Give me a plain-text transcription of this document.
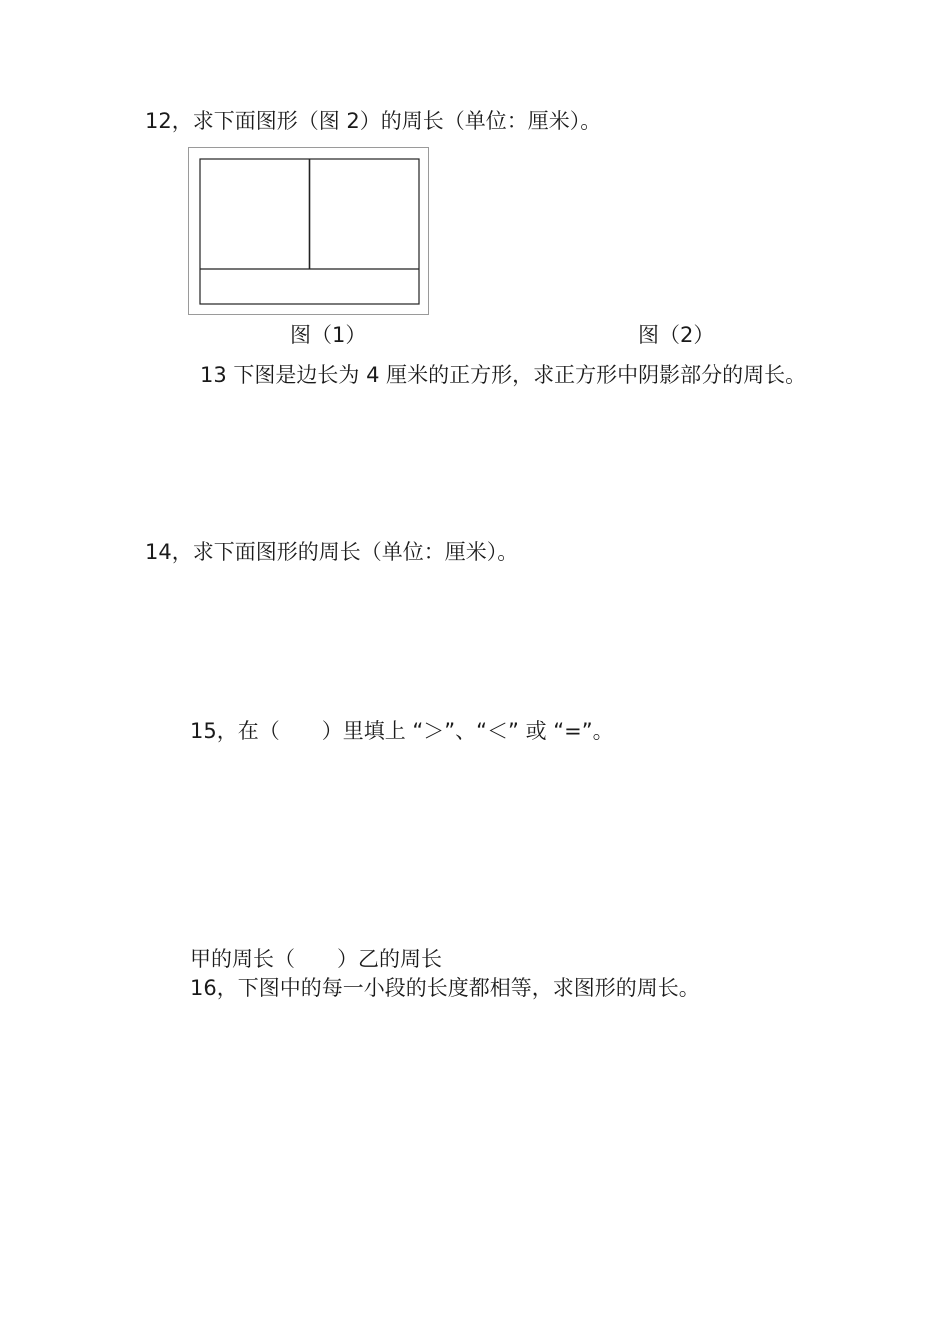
12，求下面图形（图 2）的周长（单位：厘米）。
图（1）	图（2）
13 下图是边长为 4 厘米的正方形，求正方形中阴影部分的周长。
14，求下面图形的周长（单位：厘米）。
15，在（　　）里填上 “＞”、“＜” 或 “=”。
甲的周长（　　）乙的周长
16，下图中的每一小段的长度都相等，求图形的周长。
